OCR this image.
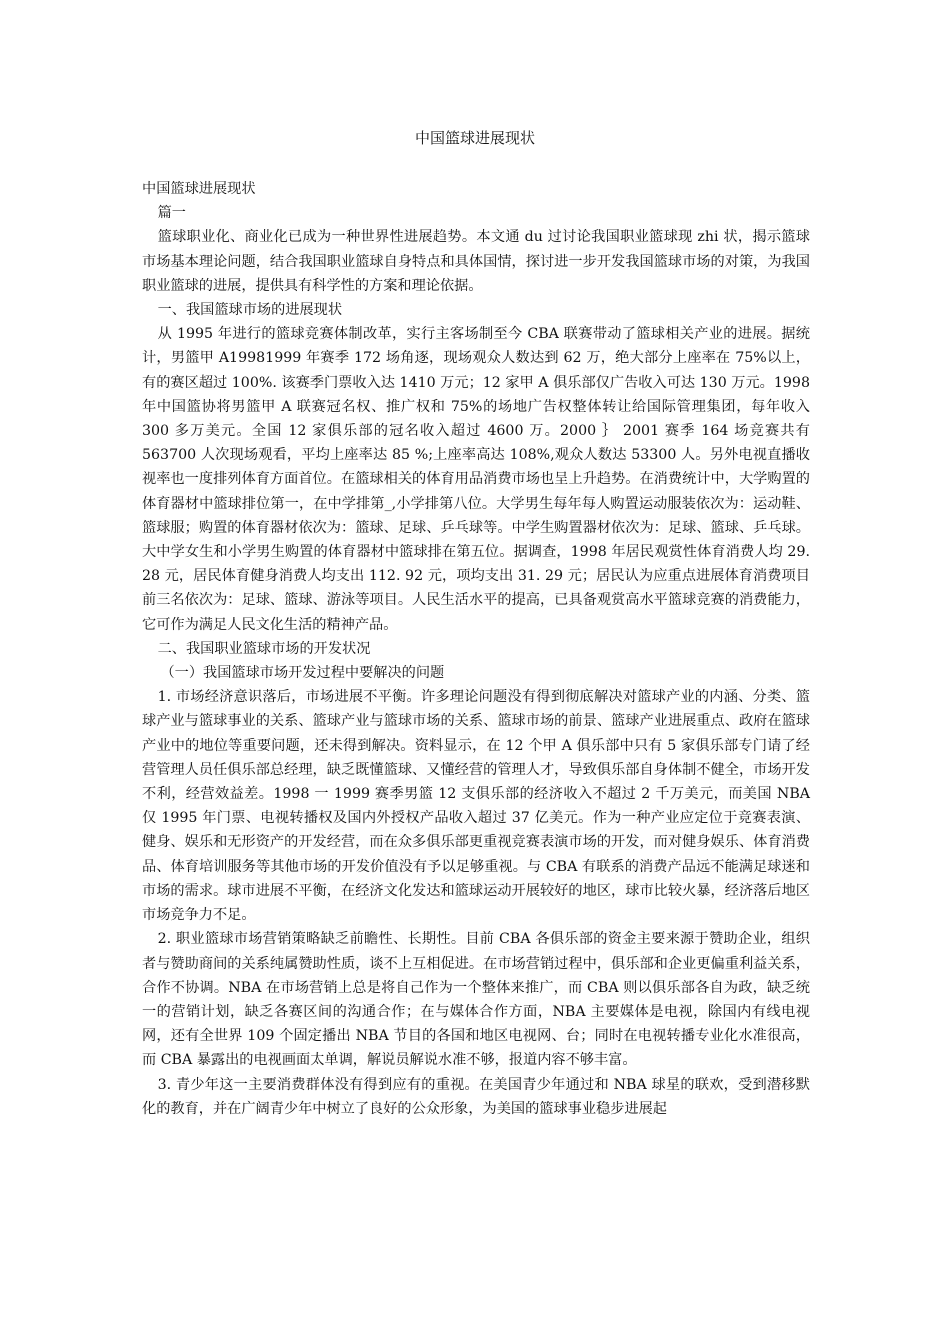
中国篮球进展现状

中国篮球进展现状

篇一

篮球职业化、商业化已成为一种世界性进展趋势。本文通 du 过讨论我国职业篮球现 zhi 状，揭示篮球市场基本理论问题，结合我国职业篮球自身特点和具体国情，探讨进一步开发我国篮球市场的对策，为我国职业篮球的进展，提供具有科学性的方案和理论依据。

一、我国篮球市场的进展现状

从 1995 年进行的篮球竞赛体制改革，实行主客场制至今 CBA 联赛带动了篮球相关产业的进展。据统计，男篮甲 A19981999 年赛季 172 场角逐，现场观众人数达到 62 万，绝大部分上座率在 75%以上，有的赛区超过 100%. 该赛季门票收入达 1410 万元；12 家甲 A 俱乐部仅广告收入可达 130 万元。1998 年中国篮协将男篮甲 A 联赛冠名权、推广权和 75%的场地广告权整体转让给国际管理集团，每年收入 300 多万美元。全国 12 家俱乐部的冠名收入超过 4600 万。2000 ｝ 2001 赛季 164 场竞赛共有 563700 人次现场观看，平均上座率达 85 %;上座率高达 108%,观众人数达 53300 人。另外电视直播收视率也一度排列体育方面首位。在篮球相关的体育用品消费市场也呈上升趋势。在消费统计中，大学购置的体育器材中篮球排位第一，在中学排第_,小学排第八位。大学男生每年每人购置运动服装依次为：运动鞋、篮球服；购置的体育器材依次为：篮球、足球、乒乓球等。中学生购置器材依次为：足球、篮球、乒乓球。大中学女生和小学男生购置的体育器材中篮球排在第五位。据调查，1998 年居民观赏性体育消费人均 29. 28 元，居民体育健身消费人均支出 112. 92 元，项均支出 31. 29 元；居民认为应重点进展体育消费项目前三名依次为：足球、篮球、游泳等项目。人民生活水平的提高，已具备观赏高水平篮球竞赛的消费能力，它可作为满足人民文化生活的精神产品。

二、我国职业篮球市场的开发状况

（一）我国篮球市场开发过程中要解决的问题

1. 市场经济意识落后，市场进展不平衡。许多理论问题没有得到彻底解决对篮球产业的内涵、分类、篮球产业与篮球事业的关系、篮球产业与篮球市场的关系、篮球市场的前景、篮球产业进展重点、政府在篮球产业中的地位等重要问题，还未得到解决。资料显示，在 12 个甲 A 俱乐部中只有 5 家俱乐部专门请了经营管理人员任俱乐部总经理，缺乏既懂篮球、又懂经营的管理人才，导致俱乐部自身体制不健全，市场开发不利，经营效益差。1998 一 1999 赛季男篮 12 支俱乐部的经济收入不超过 2 千万美元，而美国 NBA 仅 1995 年门票、电视转播权及国内外授权产品收入超过 37 亿美元。作为一种产业应定位于竞赛表演、健身、娱乐和无形资产的开发经营，而在众多俱乐部更重视竞赛表演市场的开发，而对健身娱乐、体育消费品、体育培训服务等其他市场的开发价值没有予以足够重视。与 CBA 有联系的消费产品远不能满足球迷和市场的需求。球市进展不平衡，在经济文化发达和篮球运动开展较好的地区，球市比较火暴，经济落后地区市场竞争力不足。

2. 职业篮球市场营销策略缺乏前瞻性、长期性。目前 CBA 各俱乐部的资金主要来源于赞助企业，组织者与赞助商间的关系纯属赞助性质，谈不上互相促进。在市场营销过程中，俱乐部和企业更偏重利益关系，合作不协调。NBA 在市场营销上总是将自己作为一个整体来推广，而 CBA 则以俱乐部各自为政，缺乏统一的营销计划，缺乏各赛区间的沟通合作；在与媒体合作方面，NBA 主要媒体是电视，除国内有线电视网，还有全世界 109 个固定播出 NBA 节目的各国和地区电视网、台；同时在电视转播专业化水准很高，而 CBA 暴露出的电视画面太单调，解说员解说水准不够，报道内容不够丰富。

3. 青少年这一主要消费群体没有得到应有的重视。在美国青少年通过和 NBA 球星的联欢，受到潜移默化的教育，并在广阔青少年中树立了良好的公众形象，为美国的篮球事业稳步进展起
